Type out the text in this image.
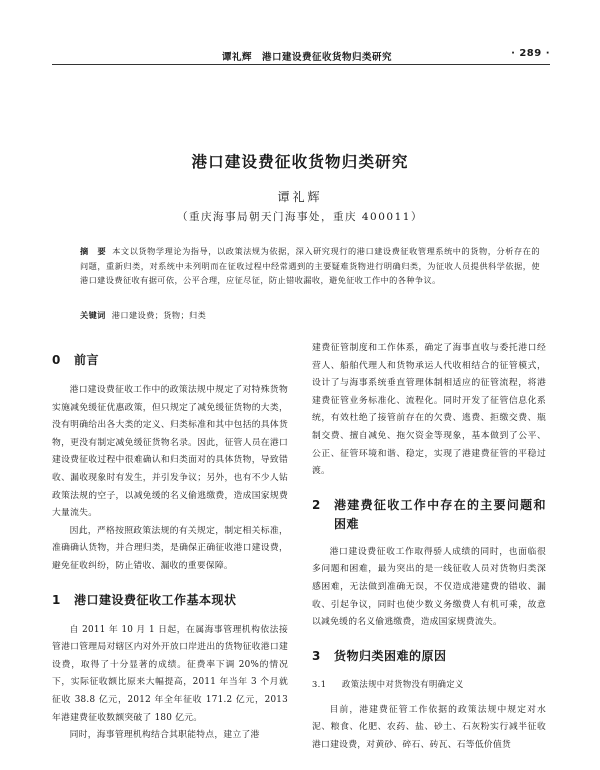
谭礼辉　 港口建设费征收货物归类研究	· 289 ·
港口建设费征收货物归类研究
谭礼辉
（重庆海事局朝天门海事处，重庆 400011）
摘　要 本文以货物学理论为指导，以政策法规为依据，深入研究现行的港口建设费征收管理系统中的货物，分析存在的问题，重新归类，对系统中未列明而在征收过程中经常遇到的主要疑难货物进行明确归类，为征收人员提供科学依据，使港口建设费征收有据可依，公平合理，应征尽征，防止错收漏收，避免征收工作中的各种争议。
关键词 港口建设费；货物；归类
0	前言

港口建设费征收工作中的政策法规中规定了对特殊货物实施减免缓征优惠政策，但只规定了减免缓征货物的大类，没有明确给出各大类的定义、归类标准和其中包括的具体货物，更没有制定减免缓征货物名录。因此，征管人员在港口建设费征收过程中很难确认和归类面对的具体货物，导致错收、漏收现象时有发生，并引发争议；另外，也有不少人钻政策法规的空子，以减免缓的名义偷逃缴费，造成国家规费大量流失。

因此，严格按照政策法规的有关规定，制定相关标准，准确确认货物，并合理归类，是确保正确征收港口建设费，避免征收纠纷，防止错收、漏收的重要保障。

1	港口建设费征收工作基本现状

自 2011 年 10 月 1 日起，在属海事管理机构依法接管港口管理局对辖区内对外开放口岸进出的货物征收港口建设费，取得了十分显著的成绩。征费率下调 20%的情况下，实际征收额比原来大幅提高，2011 年当年 3 个月就征收 38.8 亿元，2012 年全年征收 171.2 亿元，2013 年港建费征收数额突破了 180 亿元。

同时，海事管理机构结合其职能特点，建立了港

建费征管制度和工作体系，确定了海事直收与委托港口经营人、船舶代理人和货物承运人代收相结合的征管模式，设计了与海事系统垂直管理体制相适应的征管流程，将港建费征管业务标准化、流程化。同时开发了征管信息化系统，有效杜绝了接管前存在的欠费、逃费、拒缴交费、瓶制交费、擅自减免、拖欠资金等现象，基本做到了公平、公正、征管环境和谐、稳定，实现了港建费征管的平稳过渡。

2	港建费征收工作中存在的主要问题和困难

港口建设费征收工作取得骄人成绩的同时，也面临很多问题和困难，最为突出的是一线征收人员对货物归类深感困难，无法做到准确无误，不仅造成港建费的错收、漏收、引起争议，同时也使少数义务缴费人有机可乘，故意以减免缓的名义偷逃缴费，造成国家规费流失。

3	货物归类困难的原因
3.1 政策法规中对货物没有明确定义

目前，港建费征管工作依据的政策法规中规定对水泥、粮食、化肥、农药、盐、砂土、石灰粉实行减半征收港口建设费，对黄砂、碎石、砖瓦、石等低价值货
